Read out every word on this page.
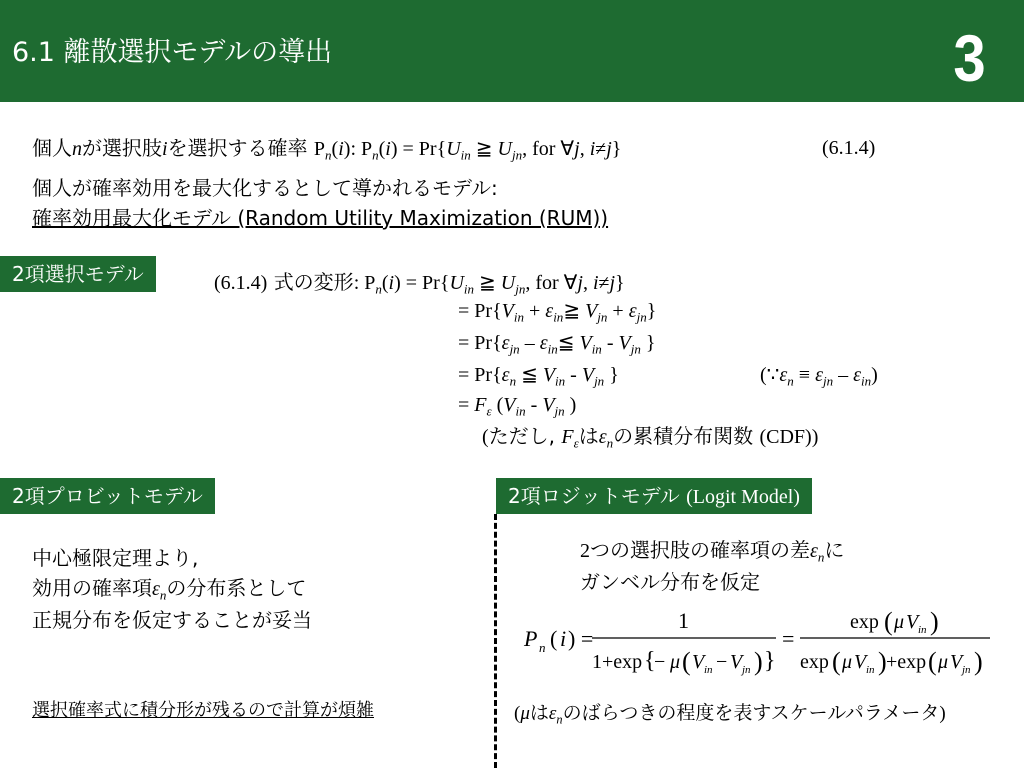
6.1 離散選択モデルの導出	3
個人nが選択肢iを選択する確率 $P_n(i)$: $P_n(i) = Pr\{U_{in}$ ≧ $U_{jn}$, for ∀j, i≠j}	(6.1.4)
個人が確率効用を最大化するとして導かれるモデル:
確率効用最大化モデル (Random Utility Maximization (RUM))
2項選択モデル	(6.1.4) 式の変形: $P_n(i) = Pr\{U_{in}$ ≧ $U_{jn}$, for ∀j, i≠j}
= $Pr\{V_{in}$ + $\varepsilon_{in}≧$ $V_{jn} + \varepsilon_{jn}$}
= $Pr\{\varepsilon_{jn}$ – $\varepsilon_{in}≦$ $V_{in} - V_{jn}$ }
= $Pr\{\varepsilon_n$ ≦ $V_{in} - V_{jn}$ }	$(\because\varepsilon_n \equiv \varepsilon_{jn} - \varepsilon_{in})$
= $F_\varepsilon$ ($V_{in} - V_{jn}$ )
(ただし, $F_\varepsilon$は$\varepsilon_n$の累積分布関数 (CDF))
2項プロビットモデル
中心極限定理より,
効用の確率項$\varepsilon_n$の分布系として
正規分布を仮定することが妥当
選択確率式に積分形が残るので計算が煩雑
2項ロジットモデル (Logit Model)
2つの選択肢の確率項の差$\varepsilon_n$に
ガンベル分布を仮定
P n ( i ) =
1
1+exp {
− μ ( V in − V jn ) }
=
exp ( μ V in )
exp ( μ V in ) +exp ( μ V jn )
(μは$\varepsilon_n$のばらつきの程度を表すスケールパラメータ)
